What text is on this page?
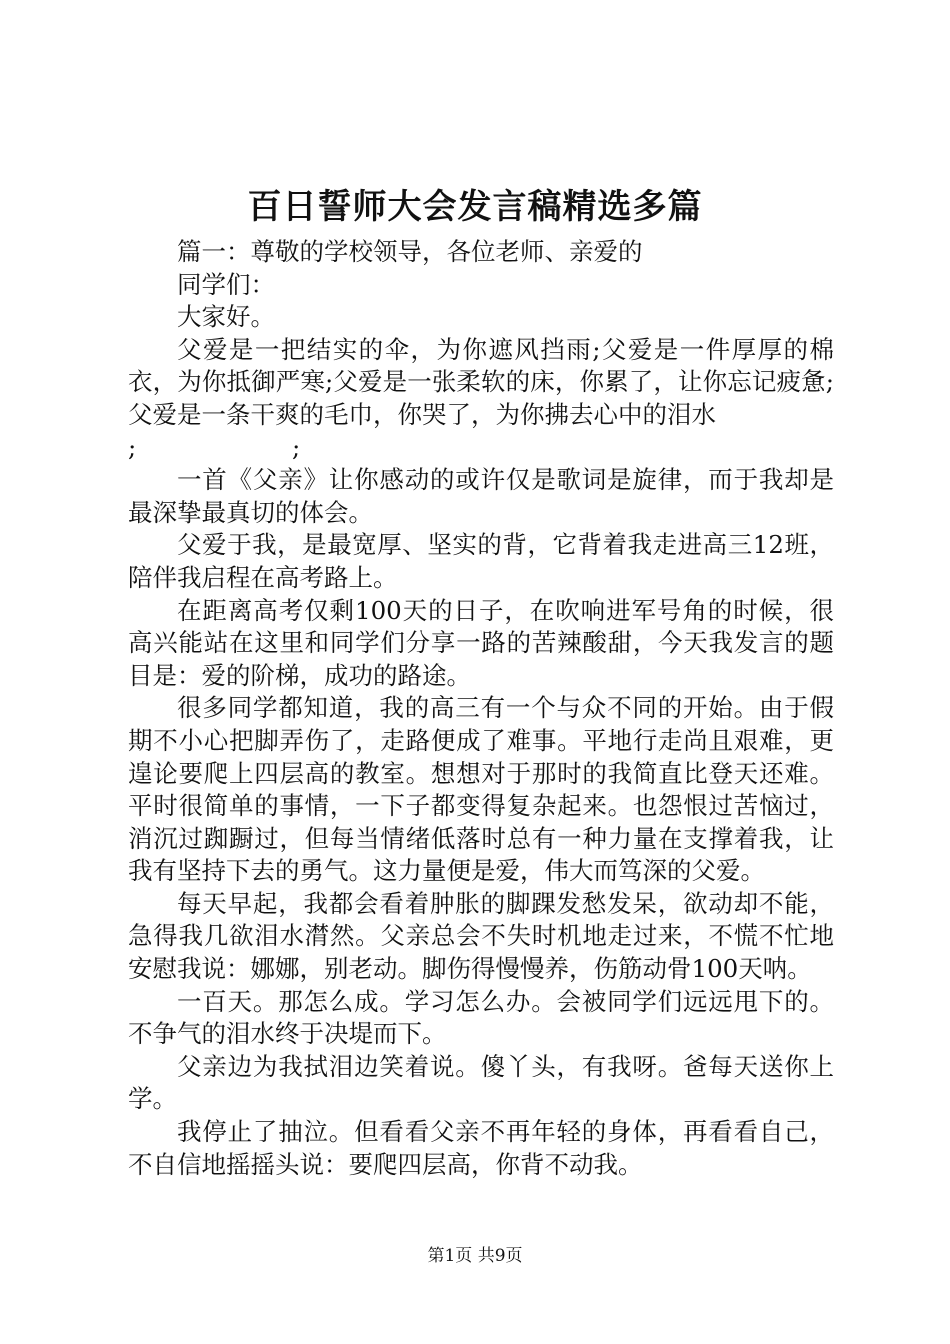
百日誓师大会发言稿精选多篇

篇一：尊敬的学校领导，各位老师、亲爱的

同学们：

大家好。

父爱是一把结实的伞，为你遮风挡雨;父爱是一件厚厚的棉衣，为你抵御严寒;父爱是一张柔软的床，你累了，让你忘记疲惫;父爱是一条干爽的毛巾，你哭了，为你拂去心中的泪水

;                    ;

一首《父亲》让你感动的或许仅是歌词是旋律，而于我却是最深挚最真切的体会。

父爱于我，是最宽厚、坚实的背，它背着我走进高三12班，陪伴我启程在高考路上。

在距离高考仅剩100天的日子，在吹响进军号角的时候，很高兴能站在这里和同学们分享一路的苦辣酸甜，今天我发言的题目是：爱的阶梯，成功的路途。

很多同学都知道，我的高三有一个与众不同的开始。由于假期不小心把脚弄伤了，走路便成了难事。平地行走尚且艰难，更遑论要爬上四层高的教室。想想对于那时的我简直比登天还难。平时很简单的事情，一下子都变得复杂起来。也怨恨过苦恼过，消沉过踟蹰过，但每当情绪低落时总有一种力量在支撑着我，让我有坚持下去的勇气。这力量便是爱，伟大而笃深的父爱。

每天早起，我都会看着肿胀的脚踝发愁发呆，欲动却不能，急得我几欲泪水潸然。父亲总会不失时机地走过来，不慌不忙地安慰我说：娜娜，别老动。脚伤得慢慢养，伤筋动骨100天呐。

一百天。那怎么成。学习怎么办。会被同学们远远甩下的。不争气的泪水终于决堤而下。

父亲边为我拭泪边笑着说。傻丫头，有我呀。爸每天送你上学。

我停止了抽泣。但看看父亲不再年轻的身体，再看看自己，不自信地摇摇头说：要爬四层高，你背不动我。

第1页 共9页
